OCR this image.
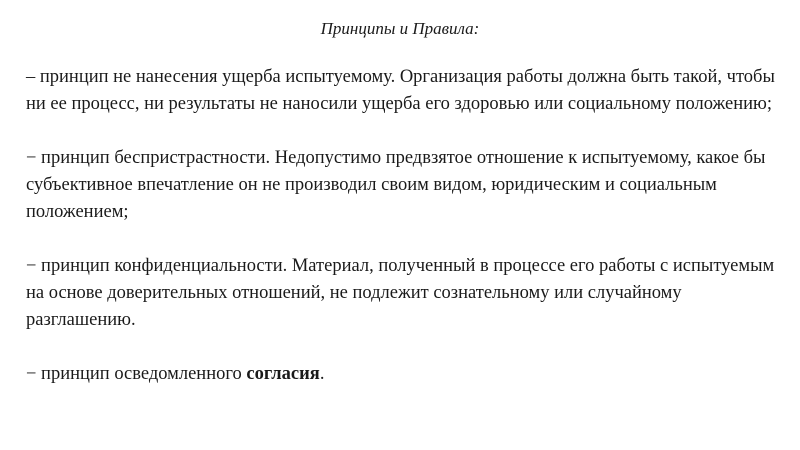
Принципы и Правила:

– принцип не нанесения ущерба испытуемому. Организация работы должна быть такой, чтобы ни ее процесс, ни результаты не наносили ущерба его здоровью или социальному положению;

− принцип беспристрастности. Недопустимо предвзятое отношение к испытуемому, какое бы субъективное впечатление он не производил своим видом, юридическим и социальным положением;

− принцип конфиденциальности. Материал, полученный в процессе его работы с испытуемым на основе доверительных отношений, не подлежит сознательному или случайному разглашению.

− принцип осведомленного согласия.
